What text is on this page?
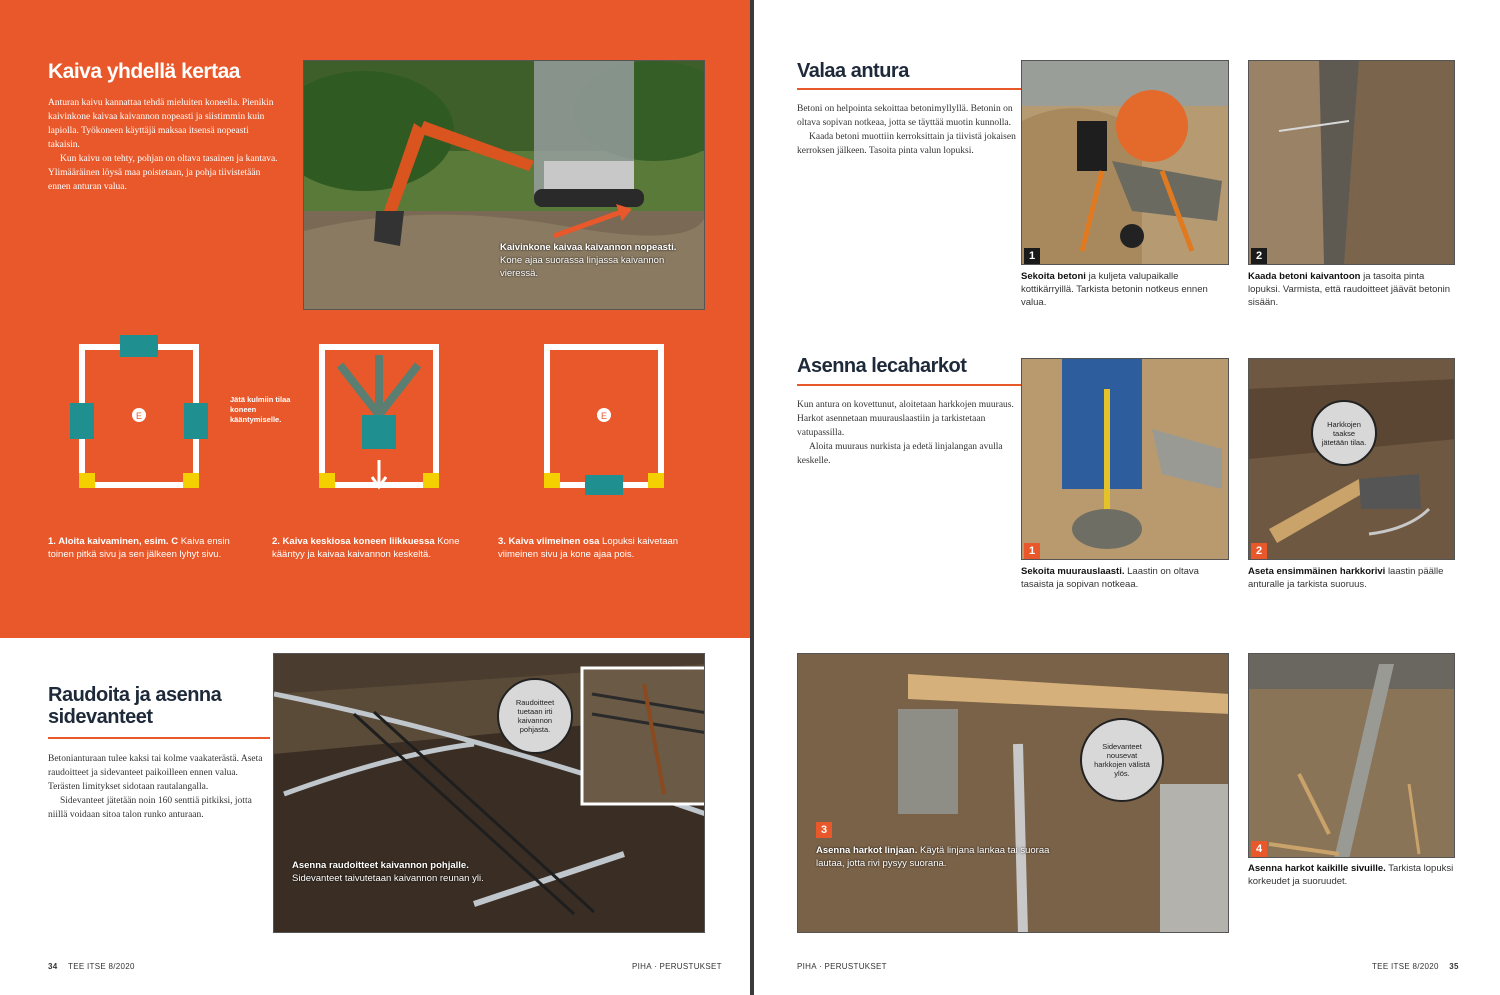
Kaiva yhdellä kertaa

Anturan kaivu kannattaa tehdä mieluiten koneella. Pienikin kaivinkone kaivaa kaivannon nopeasti ja siistimmin kuin lapiolla. Työkoneen käyttäjä maksaa itsensä nopeasti takaisin.

Kun kaivu on tehty, pohjan on oltava tasainen ja kantava. Ylimääräinen löysä maa poistetaan, ja pohja tiivistetään ennen anturan valua.

Kaivinkone kaivaa kaivannon nopeasti. Kone ajaa suorassa linjassa kaivannon vieressä.
E
Jätä kulmiin tilaa koneen kääntymiselle.	E
1. Aloita kaivaminen, esim. C Kaiva ensin toinen pitkä sivu ja sen jälkeen lyhyt sivu.
2. Kaiva keskiosa koneen liikkuessa Kone kääntyy ja kaivaa kaivannon keskeltä.
3. Kaiva viimeinen osa Lopuksi kaivetaan viimeinen sivu ja kone ajaa pois.
Raudoita ja asenna sidevanteet

Betonianturaan tulee kaksi tai kolme vaakaterästä. Aseta raudoitteet ja sidevanteet paikoilleen ennen valua. Terästen limitykset sidotaan rautalangalla.

Sidevanteet jätetään noin 160 senttiä pitkiksi, jotta niillä voidaan sitoa talon runko anturaan.

Asenna raudoitteet kaivannon pohjalle. Sidevanteet taivutetaan kaivannon reunan yli.
Raudoitteet tuetaan irti kaivannon pohjasta.
34 TEE ITSE 8/2020	PIHA · PERUSTUKSET
Valaa antura

Betoni on helpointa sekoittaa betonimyllyllä. Betonin on oltava sopivan notkeaa, jotta se täyttää muotin kunnolla.

Kaada betoni muottiin kerroksittain ja tiivistä jokaisen kerroksen jälkeen. Tasoita pinta valun lopuksi.

1	2
Sekoita betoni ja kuljeta valupaikalle kottikärryillä. Tarkista betonin notkeus ennen valua.
Kaada betoni kaivantoon ja tasoita pinta lopuksi. Varmista, että raudoitteet jäävät betonin sisään.
Asenna lecaharkot

Kun antura on kovettunut, aloitetaan harkkojen muuraus. Harkot asennetaan muurauslaastiin ja tarkistetaan vatupassilla.

Aloita muuraus nurkista ja edetä linjalangan avulla keskelle.

1	2
Harkkojen taakse jätetään tilaa.
Sekoita muurauslaasti. Laastin on oltava tasaista ja sopivan notkeaa.
Aseta ensimmäinen harkkorivi laastin päälle anturalle ja tarkista suoruus.
3
Asenna harkot linjaan. Käytä linjana lankaa tai suoraa lautaa, jotta rivi pysyy suorana.
Sidevanteet nousevat harkkojen välistä ylös.
4
Asenna harkot kaikille sivuille. Tarkista lopuksi korkeudet ja suoruudet.
PIHA · PERUSTUKSET	TEE ITSE 8/2020 35
